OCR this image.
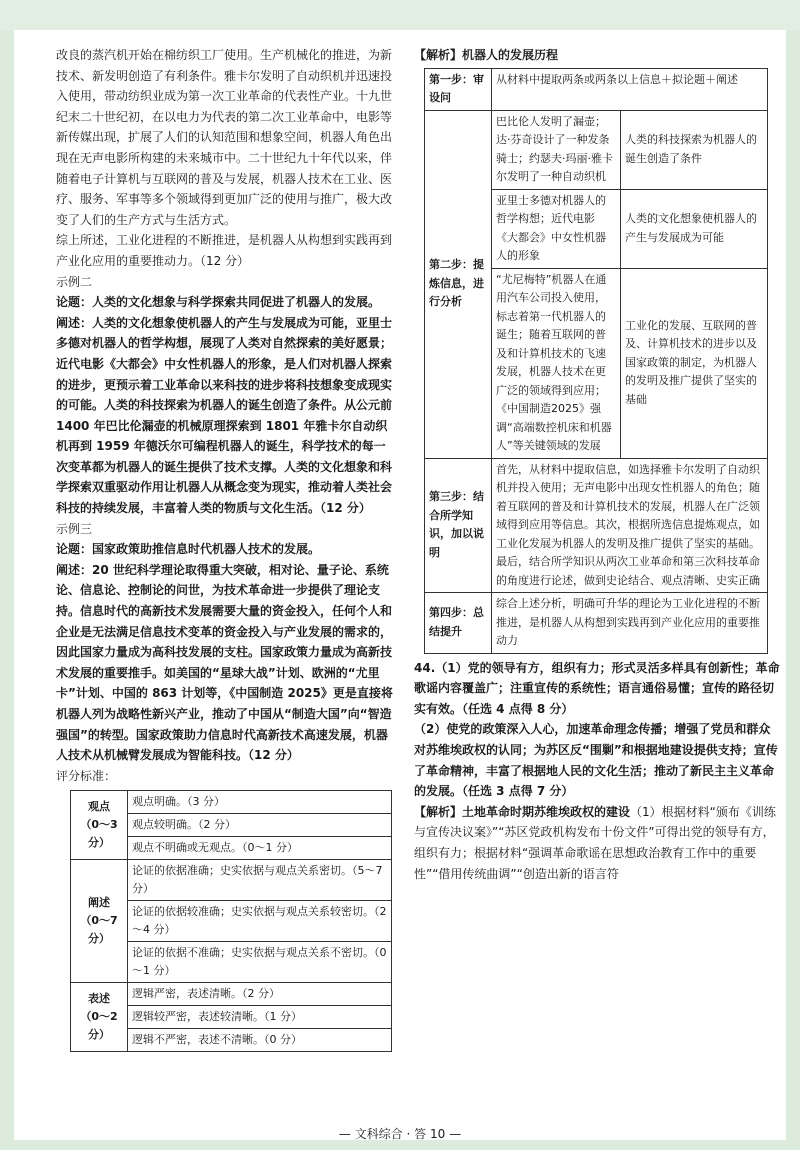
改良的蒸汽机开始在棉纺织工厂使用。生产机械化的推进，为新技术、新发明创造了有利条件。雅卡尔发明了自动织机并迅速投入使用，带动纺织业成为第一次工业革命的代表性产业。十九世纪末二十世纪初，在以电力为代表的第二次工业革命中，电影等新传媒出现，扩展了人们的认知范围和想象空间，机器人角色出现在无声电影所构建的未来城市中。二十世纪九十年代以来，伴随着电子计算机与互联网的普及与发展，机器人技术在工业、医疗、服务、军事等多个领域得到更加广泛的使用与推广，极大改变了人们的生产方式与生活方式。

综上所述，工业化进程的不断推进，是机器人从构想到实践再到产业化应用的重要推动力。（12 分）

示例二

论题：人类的文化想象与科学探索共同促进了机器人的发展。

阐述：人类的文化想象使机器人的产生与发展成为可能，亚里士多德对机器人的哲学构想，展现了人类对自然探索的美好愿景；近代电影《大都会》中女性机器人的形象，是人们对机器人探索的进步，更预示着工业革命以来科技的进步将科技想象变成现实的可能。人类的科技探索为机器人的诞生创造了条件。从公元前1400 年巴比伦漏壶的机械原理探索到 1801 年雅卡尔自动织机再到 1959 年德沃尔可编程机器人的诞生，科学技术的每一次变革都为机器人的诞生提供了技术支撑。人类的文化想象和科学探索双重驱动作用让机器人从概念变为现实，推动着人类社会科技的持续发展，丰富着人类的物质与文化生活。（12 分）

示例三

论题：国家政策助推信息时代机器人技术的发展。

阐述：20 世纪科学理论取得重大突破，相对论、量子论、系统论、信息论、控制论的问世，为技术革命进一步提供了理论支持。信息时代的高新技术发展需要大量的资金投入，任何个人和企业是无法满足信息技术变革的资金投入与产业发展的需求的，因此国家力量成为高科技发展的支柱。国家政策力量成为高新技术发展的重要推手。如美国的“星球大战”计划、欧洲的“尤里卡”计划、中国的 863 计划等，《中国制造 2025》更是直接将机器人列为战略性新兴产业，推动了中国从“制造大国”向“智造强国”的转型。国家政策助力信息时代高新技术高速发展，机器人技术从机械臂发展成为智能科技。（12 分）

评分标准：

观点
（0～3 分）	观点明确。（3 分）
	观点较明确。（2 分）
	观点不明确或无观点。（0～1 分）
阐述
（0～7 分）	论证的依据准确；史实依据与观点关系密切。（5～7 分）
	论证的依据较准确；史实依据与观点关系较密切。（2～4 分）
	论证的依据不准确；史实依据与观点关系不密切。（0～1 分）
表述
（0～2 分）	逻辑严密，表述清晰。（2 分）
	逻辑较严密，表述较清晰。（1 分）
	逻辑不严密，表述不清晰。（0 分）
【解析】机器人的发展历程
第一步：审设问	从材料中提取两条或两条以上信息＋拟论题＋阐述	
第二步：提炼信息，进行分析	巴比伦人发明了漏壶；达·芬奇设计了一种发条骑士；约瑟夫·玛丽·雅卡尔发明了一种自动织机	人类的科技探索为机器人的诞生创造了条件
	亚里士多德对机器人的哲学构想；近代电影《大都会》中女性机器人的形象	人类的文化想象使机器人的产生与发展成为可能
	“尤尼梅特”机器人在通用汽车公司投入使用，标志着第一代机器人的诞生；随着互联网的普及和计算机技术的飞速发展，机器人技术在更广泛的领域得到应用；《中国制造2025》强调“高端数控机床和机器人”等关键领域的发展	工业化的发展、互联网的普及、计算机技术的进步以及国家政策的制定，为机器人的发明及推广提供了坚实的基础
第三步：结合所学知识，加以说明	首先，从材料中提取信息，如选择雅卡尔发明了自动织机并投入使用；无声电影中出现女性机器人的角色；随着互联网的普及和计算机技术的发展，机器人在广泛领域得到应用等信息。其次，根据所选信息提炼观点，如工业化发展为机器人的发明及推广提供了坚实的基础。最后，结合所学知识从两次工业革命和第三次科技革命的角度进行论述，做到史论结合、观点清晰、史实正确	
第四步：总结提升	综合上述分析，明确可升华的理论为工业化进程的不断推进，是机器人从构想到实践再到产业化应用的重要推动力	
44.（1）党的领导有方，组织有力；形式灵活多样具有创新性；革命歌谣内容覆盖广；注重宣传的系统性；语言通俗易懂；宣传的路径切实有效。（任选 4 点得 8 分）
（2）使党的政策深入人心，加速革命理念传播；增强了党员和群众对苏维埃政权的认同；为苏区反“围剿”和根据地建设提供支持；宣传了革命精神，丰富了根据地人民的文化生活；推动了新民主主义革命的发展。（任选 3 点得 7 分）
【解析】土地革命时期苏维埃政权的建设（1）根据材料“颁布《训练与宣传决议案》”“苏区党政机构发布十份文件”可得出党的领导有方，组织有力；根据材料“强调革命歌谣在思想政治教育工作中的重要性”“借用传统曲调”“创造出新的语言符
— 文科综合 · 答 10 —
